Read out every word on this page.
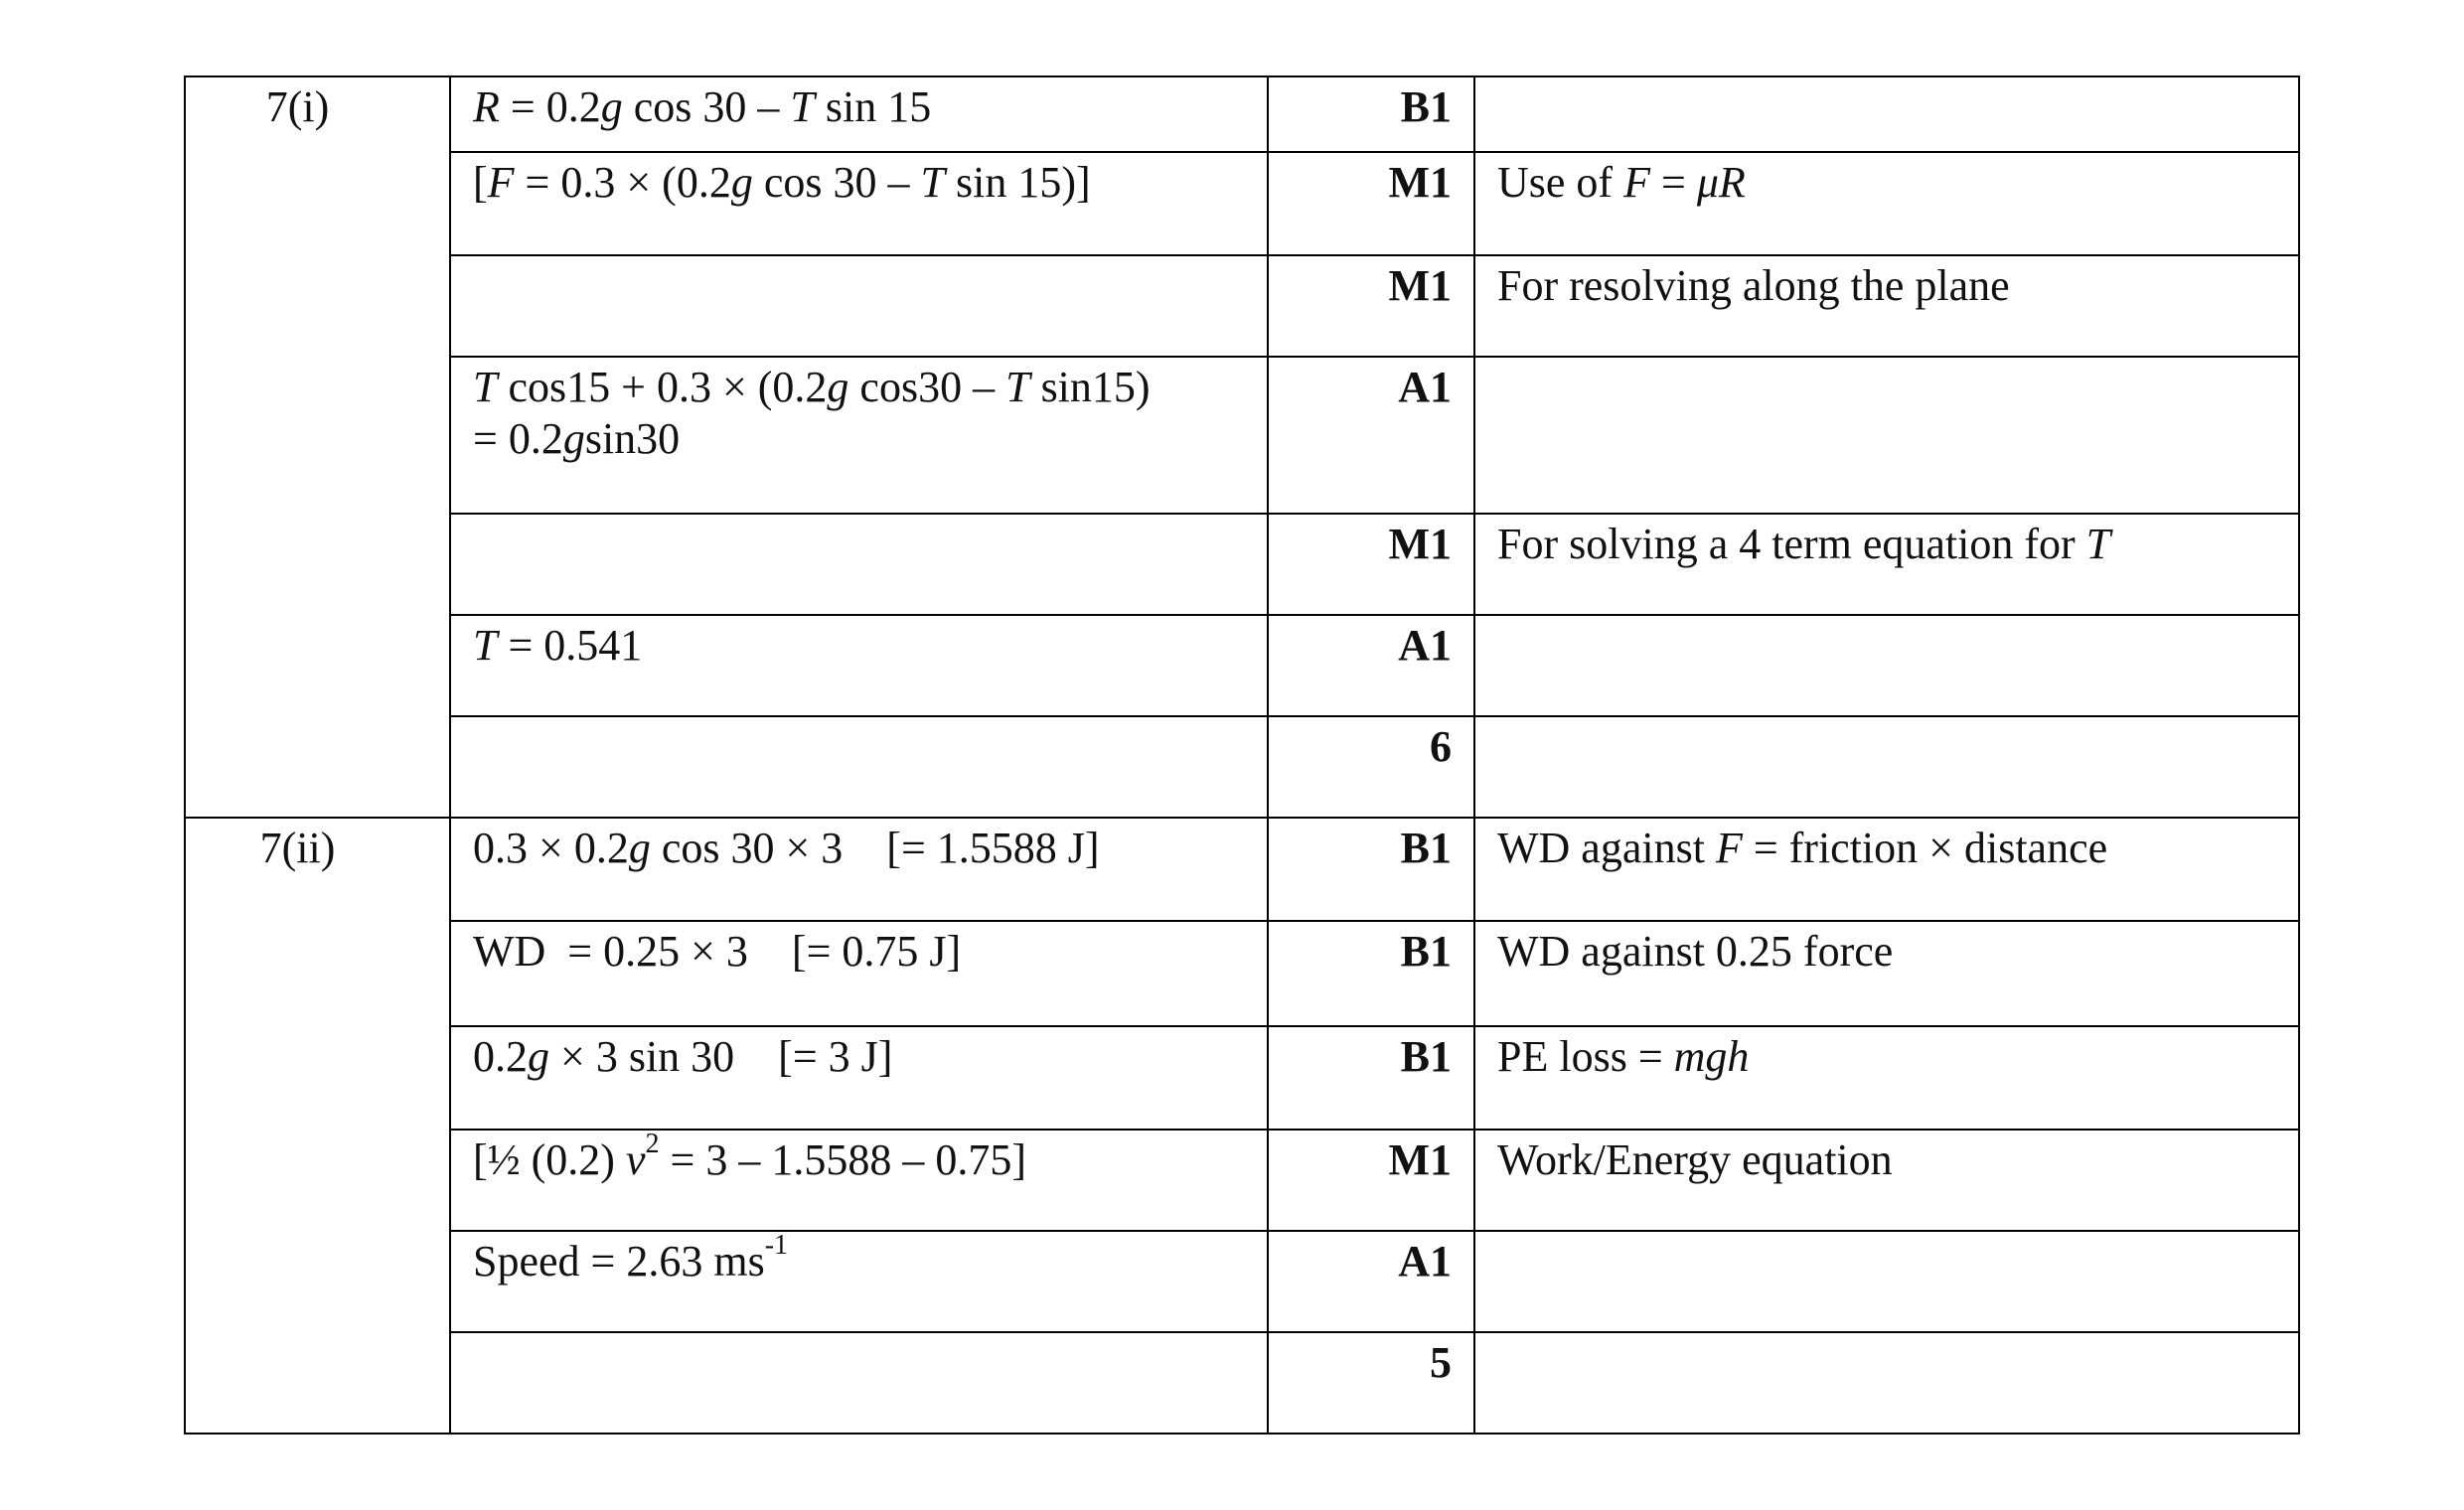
7(i)	R = 0.2g cos 30 – T sin 15	B1	
	[F = 0.3 × (0.2g cos 30 – T sin 15)]	M1	Use of F = μR
		M1	For resolving along the plane
	T cos15 + 0.3 × (0.2g cos30 – T sin15)
= 0.2gsin30	A1	
		M1	For solving a 4 term equation for T
	T = 0.541	A1	
		6	

7(ii)	0.3 × 0.2g cos 30 × 3    [= 1.5588 J]	B1	WD against F = friction × distance
	WD  = 0.25 × 3    [= 0.75 J]	B1	WD against 0.25 force
	0.2g × 3 sin 30    [= 3 J]	B1	PE loss = mgh
	[½ (0.2) $v^2 = 3 - 1.5588 - 0.75$]	M1	Work/Energy equation
	Speed = 2.63 $ms^{-1}$	A1	
		5	
